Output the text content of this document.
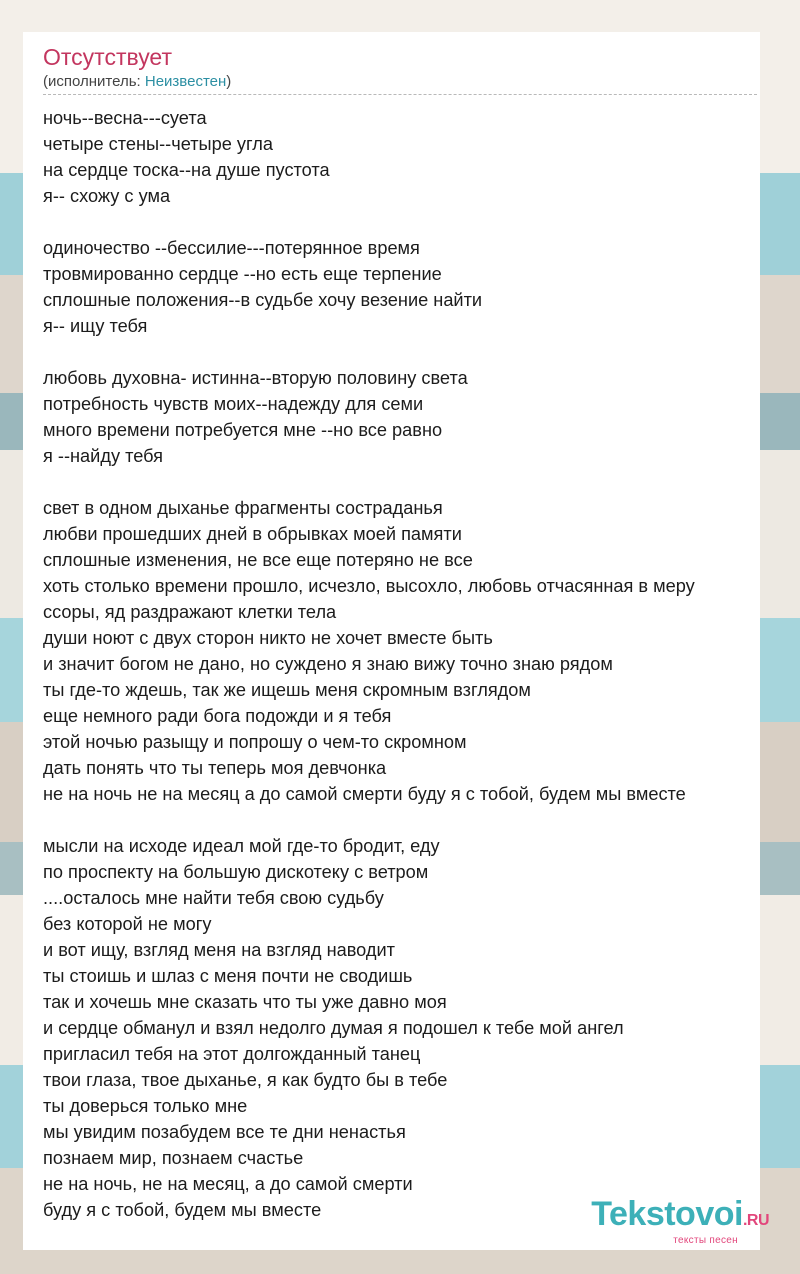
Отсутствует
(исполнитель: Неизвестен)
ночь--весна---суета
четыре стены--четыре угла
на сердце тоска--на душе пустота
я-- схожу с ума
одиночество --бессилие---потерянное время
тровмированно сердце --но есть еще терпение
сплошные положения--в судьбе хочу везение найти
я-- ищу тебя
любовь духовна- истинна--вторую половину света
потребность чувств моих--надежду для семи
много времени потребуется мне --но все равно
я --найду тебя
свет в одном дыханье фрагменты состраданья
любви прошедших дней в обрывках моей памяти
сплошные изменения, не все еще потеряно не все
хоть столько времени прошло, исчезло, высохло, любовь отчасянная в меру
ссоры, яд раздражают клетки тела
души ноют с двух сторон никто не хочет вместе быть
и значит богом не дано, но суждено я знаю вижу точно знаю рядом
ты где-то ждешь, так же ищешь меня скромным взглядом
еще немного ради бога подожди и я тебя
этой ночью разыщу и попрошу о чем-то скромном
дать понять что ты теперь моя девчонка
не на ночь не на месяц а до самой смерти буду я с тобой, будем мы вместе
мысли на исходе идеал мой где-то бродит, еду
по проспекту на большую дискотеку с ветром
....осталось мне найти тебя свою судьбу
без которой не могу
и вот ищу, взгляд меня на взгляд наводит
ты стоишь и шлаз с меня почти не сводишь
так и хочешь мне сказать что ты уже давно моя
и сердце обманул и взял недолго думая я подошел к тебе мой ангел
пригласил тебя на этот долгожданный танец
твои глаза, твое дыханье, я как будто бы в тебе
ты доверься только мне
мы увидим позабудем все те дни ненастья
познаем мир, познаем счастье
не на ночь, не на месяц, а до самой смерти
буду я с тобой, будем мы вместе	Tekstovoi.RU
тексты песен
